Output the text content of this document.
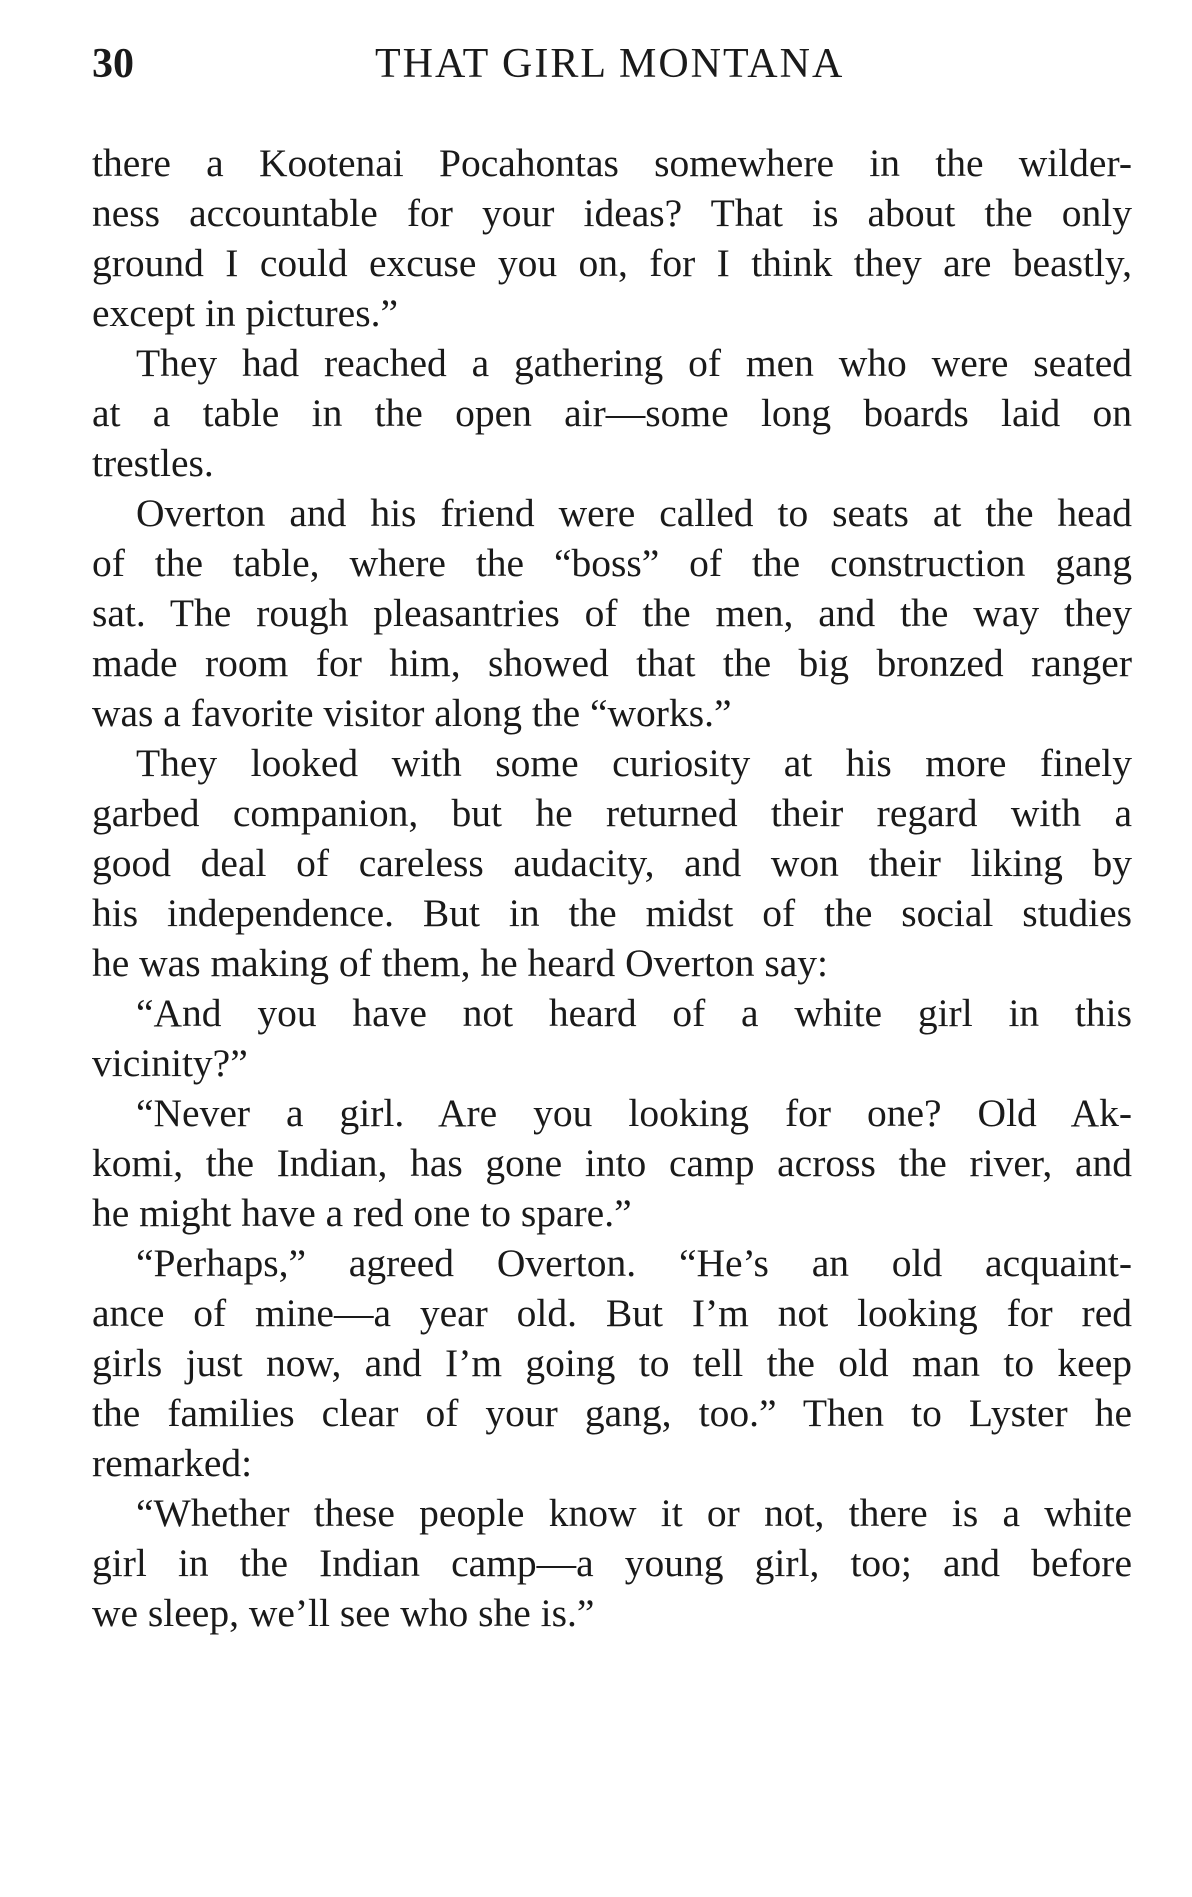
30	THAT GIRL MONTANA
there a Kootenai Pocahontas somewhere in the wilder-
ness accountable for your ideas? That is about the only
ground I could excuse you on, for I think they are beastly,
except in pictures.”
They had reached a gathering of men who were seated
at a table in the open air—some long boards laid on
trestles.
Overton and his friend were called to seats at the head
of the table, where the “boss” of the construction gang
sat. The rough pleasantries of the men, and the way they
made room for him, showed that the big bronzed ranger
was a favorite visitor along the “works.”
They looked with some curiosity at his more finely
garbed companion, but he returned their regard with a
good deal of careless audacity, and won their liking by
his independence. But in the midst of the social studies
he was making of them, he heard Overton say:
“And you have not heard of a white girl in this
vicinity?”
“Never a girl. Are you looking for one? Old Ak-
komi, the Indian, has gone into camp across the river, and
he might have a red one to spare.”
“Perhaps,” agreed Overton. “He’s an old acquaint-
ance of mine—a year old. But I’m not looking for red
girls just now, and I’m going to tell the old man to keep
the families clear of your gang, too.” Then to Lyster he
remarked:
“Whether these people know it or not, there is a white
girl in the Indian camp—a young girl, too; and before
we sleep, we’ll see who she is.”
